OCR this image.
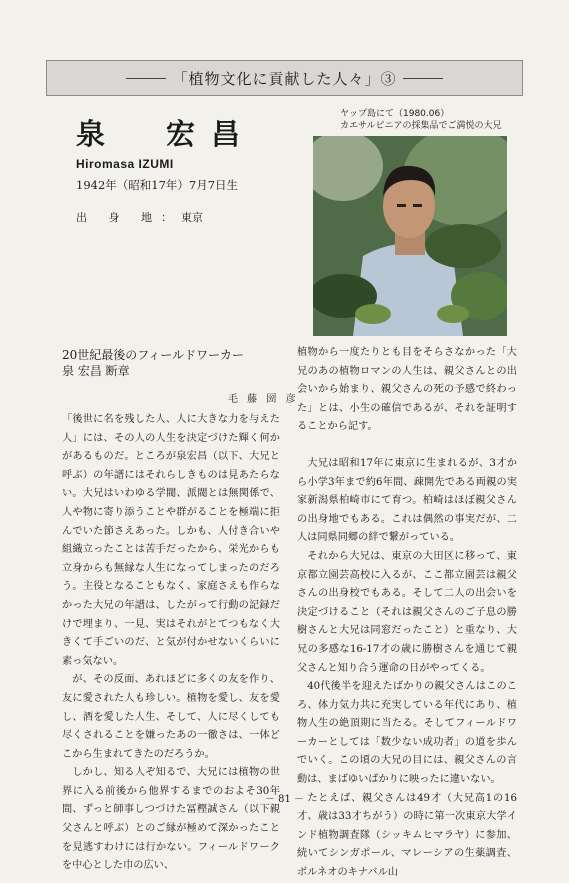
「植物文化に貢献した人々」③
泉　宏昌
Hiromasa IZUMI
1942年（昭和17年）7月7日生
出 身 地：東京
ヤップ島にて（1980.06）
カエサルピニアの採集品でご満悦の大兄
20世紀最後のフィールドワーカー
泉 宏昌 断章
毛 藤 圀 彦

「後世に名を残した人、人に大きな力を与えた人」には、その人の人生を決定づけた輝く何かがあるものだ。ところが泉宏昌（以下、大兄と呼ぶ）の年譜にはそれらしきものは見あたらない。大兄はいわゆる学閥、派閥とは無関係で、人や物に寄り添うことや群がることを極端に拒んでいた節さえあった。しかも、人付き合いや組織立ったことは苦手だったから、栄光からも立身からも無縁な人生になってしまったのだろう。主役となることもなく、家庭さえも作らなかった大兄の年譜は、したがって行動の記録だけで埋まり、一見、実はそれがとてつもなく大きくて手ごいのだ、と気が付かせないくらいに素っ気ない。

が、その反面、あれほどに多くの友を作り、友に愛された人も珍しい。植物を愛し、友を愛し、酒を愛した人生、そして、人に尽くしても尽くされることを嫌ったあの一徹さは、一体どこから生まれてきたのだろうか。

しかし、知る人ぞ知るで、大兄には植物の世界に入る前後から他界するまでのおよそ30年間、ずっと師事しつづけた冨樫誠さん（以下親父さんと呼ぶ）とのご縁が極めて深かったことを見逃すわけには行かない。フィールドワークを中心とした巾の広い、

植物から一度たりとも目をそらさなかった「大兄のあの植物ロマンの人生は、親父さんとの出会いから始まり、親父さんの死の予感で終わった」とは、小生の確信であるが、それを証明することから記す。

大兄は昭和17年に東京に生まれるが、3才から小学3年まで約6年間、疎開先である両親の実家新潟県柏崎市にて育つ。柏崎はほぼ親父さんの出身地でもある。これは偶然の事実だが、二人は同県同郷の絆で繋がっている。

それから大兄は、東京の大田区に移って、東京都立園芸高校に入るが、ここ都立園芸は親父さんの出身校でもある。そして二人の出会いを決定づけること（それは親父さんのご子息の勝樹さんと大兄は同窓だったこと）と重なり、大兄の多感な16-17才の歳に勝樹さんを通じて親父さんと知り合う運命の日がやってくる。

40代後半を迎えたばかりの親父さんはこのころ、体力気力共に充実している年代にあり、植物人生の絶頂期に当たる。そしてフィールドワーカーとしては「数少ない成功者」の道を歩んでいく。この頃の大兄の目には、親父さんの言動は、まばゆいばかりに映ったに違いない。

たとえば、親父さんは49才（大兄高1の16才、歳は33才ちがう）の時に第一次東京大学インド植物調査隊（シッキムヒマラヤ）に参加、続いてシンガポール、マレーシアの生薬調査、ボルネオのキナバル山

－ 81 －
